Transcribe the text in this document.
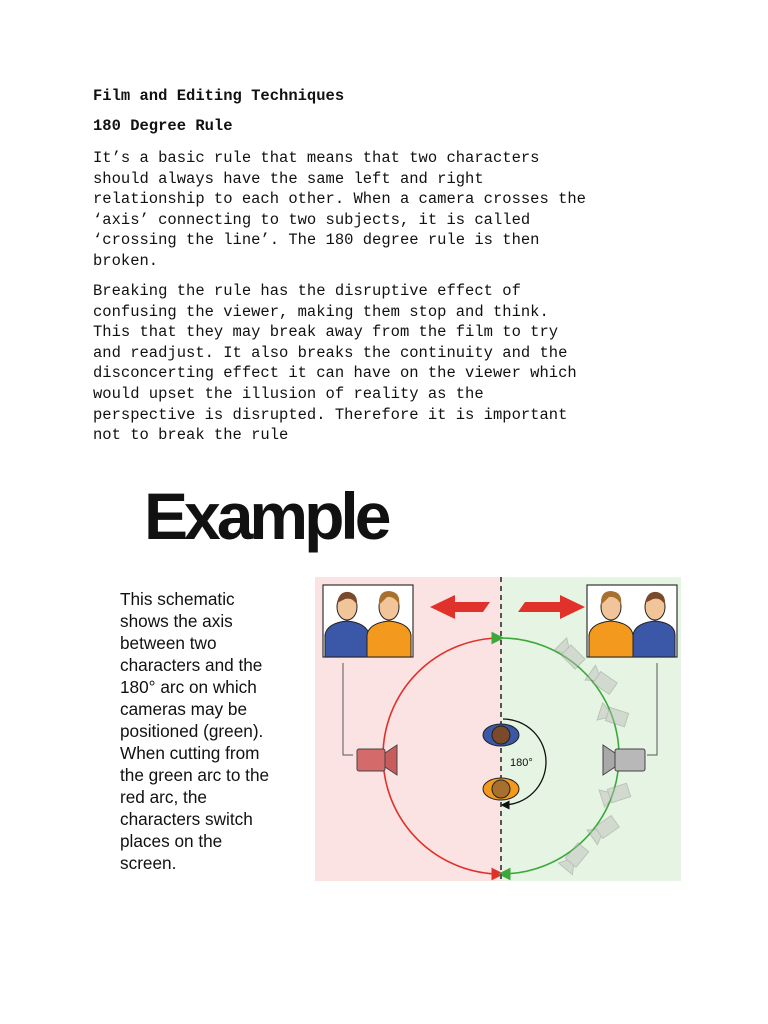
Film and Editing Techniques
180 Degree Rule

It’s a basic rule that means that two characters
should always have the same left and right
relationship to each other. When a camera crosses the
‘axis’ connecting to two subjects, it is called
‘crossing the line’. The 180 degree rule is then
broken.

Breaking the rule has the disruptive effect of
confusing the viewer, making them stop and think.
This that they may break away from the film to try
and readjust. It also breaks the continuity and the
disconcerting effect it can have on the viewer which
would upset the illusion of reality as the
perspective is disrupted. Therefore it is important
not to break the rule

Example

This schematic
shows the axis
between two
characters and the
180° arc on which
cameras may be
positioned (green).
When cutting from
the green arc to the
red arc, the
characters switch
places on the
screen.

180°
